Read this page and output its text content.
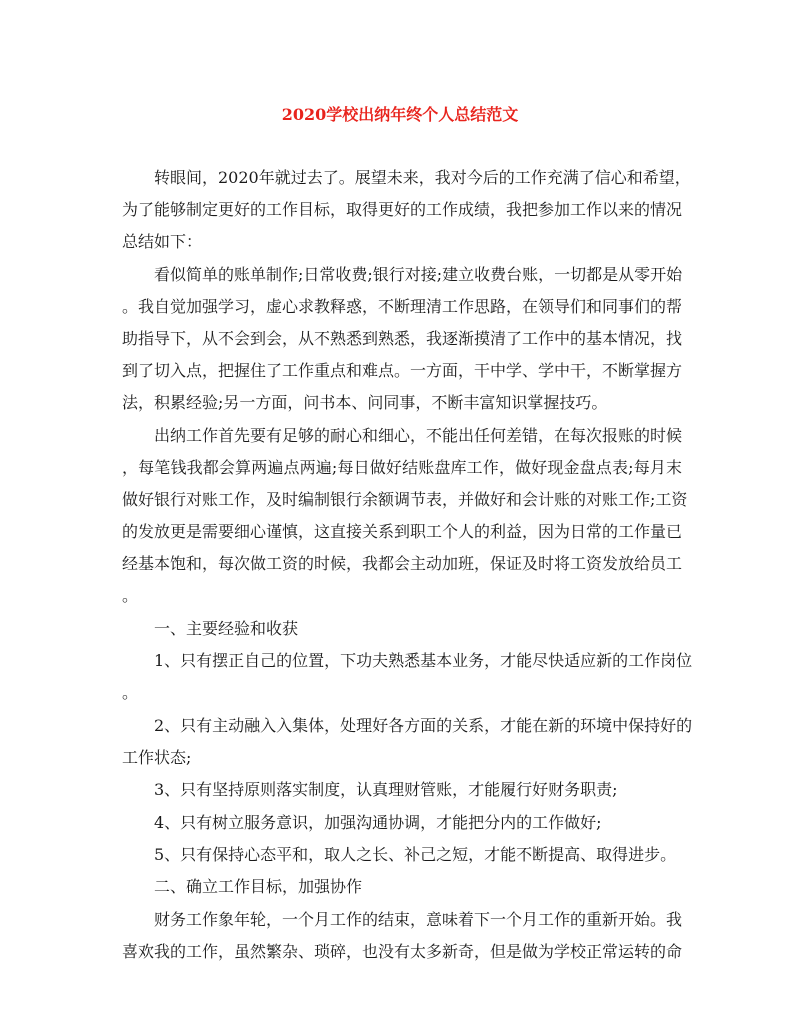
2020学校出纳年终个人总结范文
转眼间，2020年就过去了。展望未来，我对今后的工作充满了信心和希望，
为了能够制定更好的工作目标，取得更好的工作成绩，我把参加工作以来的情况
总结如下：
看似简单的账单制作;日常收费;银行对接;建立收费台账，一切都是从零开始
。我自觉加强学习，虚心求教释惑，不断理清工作思路，在领导们和同事们的帮
助指导下，从不会到会，从不熟悉到熟悉，我逐渐摸清了工作中的基本情况，找
到了切入点，把握住了工作重点和难点。一方面，干中学、学中干，不断掌握方
法，积累经验;另一方面，问书本、问同事，不断丰富知识掌握技巧。
出纳工作首先要有足够的耐心和细心，不能出任何差错，在每次报账的时候
，每笔钱我都会算两遍点两遍;每日做好结账盘库工作，做好现金盘点表;每月末
做好银行对账工作，及时编制银行余额调节表，并做好和会计账的对账工作;工资
的发放更是需要细心谨慎，这直接关系到职工个人的利益，因为日常的工作量已
经基本饱和，每次做工资的时候，我都会主动加班，保证及时将工资发放给员工
。
一、主要经验和收获
1、只有摆正自己的位置，下功夫熟悉基本业务，才能尽快适应新的工作岗位
。
2、只有主动融入入集体，处理好各方面的关系，才能在新的环境中保持好的
工作状态;
3、只有坚持原则落实制度，认真理财管账，才能履行好财务职责;
4、只有树立服务意识，加强沟通协调，才能把分内的工作做好;
5、只有保持心态平和，取人之长、补己之短，才能不断提高、取得进步。
二、确立工作目标，加强协作
财务工作象年轮，一个月工作的结束，意味着下一个月工作的重新开始。我
喜欢我的工作，虽然繁杂、琐碎，也没有太多新奇，但是做为学校正常运转的命
